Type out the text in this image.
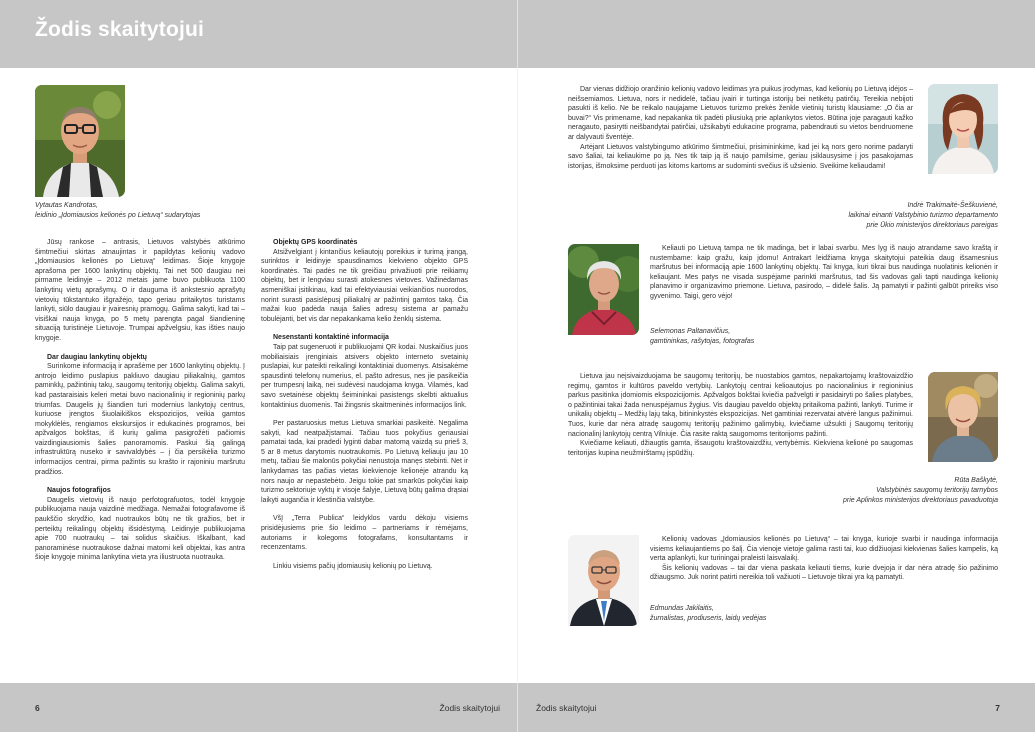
Žodis skaitytojui
Vytautas Kandrotas,
leidinio „Įdomiausios kelionės po Lietuvą“ sudarytojas

Jūsų rankose – antrasis, Lietuvos valstybės atkūrimo šimtmečiui skirtas atnaujintas ir papildytas kelionių vadovo „Įdomiausios kelionės po Lietuvą“ leidimas. Šioje knygoje aprašoma per 1600 lankytinų objektų. Tai net 500 daugiau nei pirmame leidinyje – 2012 metais jame buvo publikuota 1100 lankytinų vietų aprašymų. O ir dauguma iš ankstesnio aprašytų vietovių tūkstantuko išgražėjo, tapo geriau pritaikytos turistams lankyti, siūlo daugiau ir įvairesnių pramogų. Galima sakyti, kad tai – visiškai nauja knyga, po 5 metų parengta pagal šiandieninę situaciją turistinėje Lietuvoje. Trumpai apžvelgsiu, kas išties naujo knygoje.

Dar daugiau lankytinų objektų

Surinkome informaciją ir aprašėme per 1600 lankytinų objektų. Į antrojo leidimo puslapius pakliuvo daugiau piliakalnių, gamtos paminklų, pažintinių takų, saugomų teritorijų objektų. Galima sakyti, kad pastaraisiais keleri metai buvo nacionalinių ir regioninių parkų triumfas. Daugelis jų šiandien turi modernius lankytojų centrus, kuriuose įrengtos šiuolaikiškos ekspozicijos, veikia gamtos mokyklėlės, rengiamos ekskursijos ir edukacinės programos, bei apžvalgos bokštas, iš kurių galima pasigrožėti pačiomis vaizdingiausiomis šalies panoramomis. Paskui šią galingą infrastruktūrą nuseko ir savivaldybės – į čia persikėlia turizmo informacijos centrai, pirma pažintis su krašto ir rajoniniu maršrutu pradžios.

Naujos fotografijos

Daugelis vietovių iš naujo perfotografuotos, todėl knygoje publikuojama nauja vaizdinė medžiaga. Nemažai fotografavome iš paukščio skrydžio, kad nuotraukos būtų ne tik gražios, bet ir perteiktų reikalingų objektų išsidėstymą. Leidinyje publikuojama apie 700 nuotraukų – tai solidus skaičius. Iškalbant, kad panoraminėse nuotraukose dažnai matomi keli objektai, kas antra šioje knygoje minima lankytina vieta yra iliustruota nuotrauka.

Objektų GPS koordinatės

Atsižvelgiant į kintančius keliautojų poreikius ir turimą įrangą, surinktos ir leidinyje spausdinamos kiekvieno objekto GPS koordinatės. Tai padės ne tik greičiau privažiuoti prie reikiamų objektų, bet ir lengviau surasti atokesnes vietoves. Važinėdamas asmeniškai įsitikinau, kad tai efektyviausiai veikiančios nuorodos, norint surasti pasislėpusį piliakalnį ar pažintinį gamtos taką. Čia mažai kuo padėda nauja šalies adresų sistema ar pamažu tobulėjanti, bet vis dar nepakankama kelio ženklų sistema.

Nesenstanti kontaktinė informacija

Taip pat sugeneruoti ir publikuojami QR kodai. Nuskaičius juos mobiliaisiais įrenginiais atsivers objekto interneto svetainių puslapiai, kur pateikti reikalingi kontaktiniai duomenys. Atsisakėme spausdinti telefonų numerius, el. pašto adresus, nes jie pasikeičia per trumpesnį laiką, nei sudėvėsi naudojama knyga. Vilamės, kad savo svetainėse objektų šeimininkai pasistengs skelbti aktualius kontaktinius duomenis. Tai žingsnis skaitmeninės informacijos link.

Per pastaruosius metus Lietuva smarkiai pasikeitė. Negalima sakyti, kad neatpažįstamai. Tačiau tuos pokyčius geriausiai pamatai tada, kai pradedi lyginti dabar matomą vaizdą su prieš 3, 5 ar 8 metus darytomis nuotraukomis. Po Lietuvą keliauju jau 10 metų, tačiau šie malonūs pokyčiai nenustoja manęs stebinti. Net ir lankydamas tas pačias vietas kiekvienoje kelionėje atrandu ką nors naujo ar nepastebėto. Jeigu tokie pat smarkūs pokyčiai kaip turizmo sektoriuje vyktų ir visoje šalyje, Lietuvą būtų galima drąsiai laikyti augančia ir klestinčia valstybe.

VšĮ „Terra Publica“ leidyklos vardu dėkoju visiems prisidėjusiems prie šio leidimo – partneriams ir rėmėjams, autoriams ir kolegoms fotografams, konsultantams ir recenzentams.

Linkiu visiems pačių įdomiausių kelionių po Lietuvą.

Dar vienas didžiojo oranžinio kelionių vadovo leidimas yra puikus įrodymas, kad kelionių po Lietuvą idėjos – neišsemiamos. Lietuva, nors ir nedidelė, tačiau įvairi ir turtinga istorijų bei netikėtų patirčių. Tereikia nebijoti pasukti iš kelio. Ne be reikalo naujajame Lietuvos turizmo prekės ženkle vietinių turistų klausiame: „O čia ar buvai?“ Vis primename, kad nepakanka tik padėti pliusiuką prie aplankytos vietos. Būtina joje paragauti kažko neragauto, pasirytti neišbandytai patirčiai, užsikabyti edukacine programa, pabendrauti su vietos bendruomene ar dalyvauti šventėje.

Artėjant Lietuvos valstybingumo atkūrimo šimtmečiui, prisimininkime, kad jei ką nors gero norime padaryti savo šaliai, tai keliaukime po ją. Nes tik taip ją iš naujo pamilsime, geriau įsiklausysime į jos pasakojamas istorijas, išmoksime perduoti jas kitoms kartoms ar sudominti svečius iš užsienio. Sveikime keliaudami!

Indrė Trakimaitė-Šeškuvienė,
laikinai einanti Valstybinio turizmo departamento
prie Ūkio ministerijos direktoriaus pareigas

Keliauti po Lietuvą tampa ne tik madinga, bet ir labai svarbu. Mes lyg iš naujo atrandame savo kraštą ir nustembame: kaip gražu, kaip įdomu! Antrakart leidžiama knyga skaitytojui pateikia daug išsamesnius maršrutus bei informaciją apie 1600 lankytinų objektų. Tai knyga, kuri tikrai bus naudinga nuolatinis kelionėn ir keliaujant. Mes patys ne visada suspėjame parinkti maršrutus, tad šis vadovas gali tapti naudinga kelionių planavimo ir organizavimo priemone. Lietuva, pasirodo, – didelė šalis. Ją pamatyti ir pažinti galbūt prireiks viso gyvenimo. Taigi, gero vėjo!

Selemonas Paltanavičius,
gamtininkas, rašytojas, fotografas

Lietuva jau neįsivaizduojama be saugomų teritorijų, be nuostabios gamtos, nepakartojamų kraštovaizdžio regimų, gamtos ir kultūros paveldo vertybių. Lankytojų centrai kelioautojus po nacionalinius ir regioninius parkus pasitinka įdomiomis ekspozicijomis. Apžvalgos bokštai kviečia pažvelgti ir pasidairyti po šalies platybes, o pažintiniai takai žada nenuspėjamus žygius. Vis daugiau paveldo objektų pritaikoma pažinti, lankyti. Turime ir unikalių objektų – Medžių lajų taką, bitininkystės ekspozicijas. Net gamtiniai rezervatai atvėrė langus pažinimui. Tuos, kurie dar nėra atradę saugomų teritorijų pažinimo galimybių, kviečiame užsukti į Saugomų teritorijų nacionalinį lankytojų centrą Vilniuje. Čia rasite raktą saugomoms teritorijoms pažinti.

Kviečiame keliauti, džiaugtis gamta, išsaugotu kraštovaizdžiu, vertybėmis. Kiekviena kelionė po saugomas teritorijas kupina neužmirštamų įspūdžių.

Rūta Baškytė,
Valstybinės saugomų teritorijų tarnybos
prie Aplinkos ministerijos direktoriaus pavaduotoja

Kelionių vadovas „Įdomiausios kelionės po Lietuvą“ – tai knyga, kurioje svarbi ir naudinga informacija visiems keliaujantiems po šalį. Čia vienoje vietoje galima rasti tai, kuo didžiuojasi kiekvienas šalies kampelis, ką verta aplankyti, kur turiningai praleisti laisvalaikį.

Šis kelionių vadovas – tai dar viena paskata keliauti tiems, kurie dvejoja ir dar nėra atradę šio pažinimo džiaugsmo. Juk norint patirti nereikia toli važiuoti – Lietuvoje tikrai yra ką pamatyti.

Edmundas Jakilaitis,
žurnalistas, prodiuseris, laidų vedėjas
6	Žodis skaitytojui	Žodis skaitytojui	7
